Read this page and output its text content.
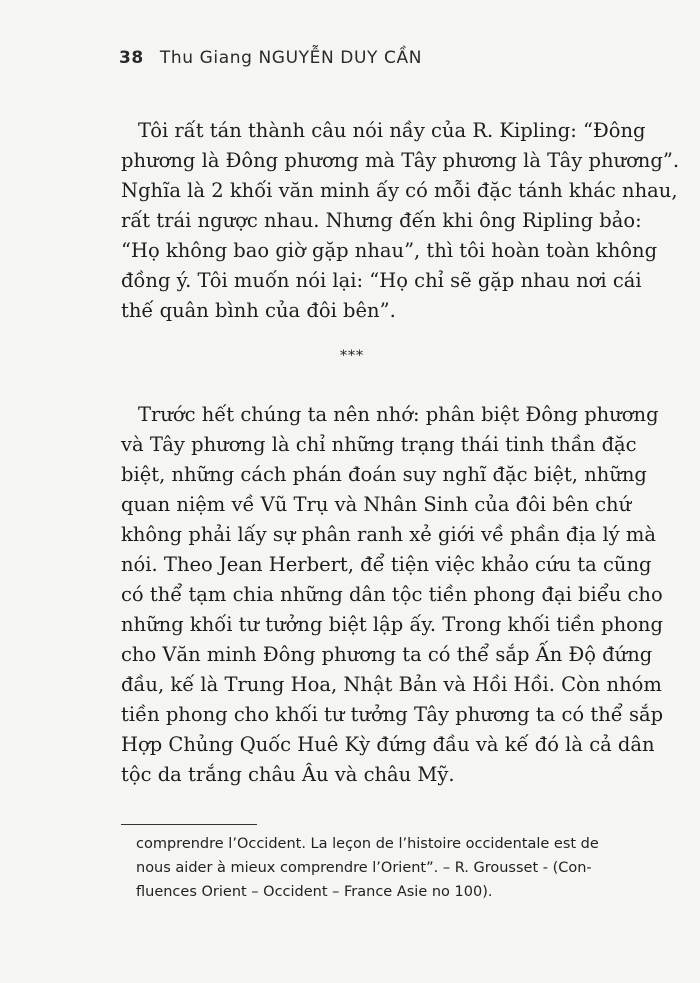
38 Thu Giang NGUYỄN DUY CẦN
Tôi rất tán thành câu nói nầy của R. Kipling: “Đông
phương là Đông phương mà Tây phương là Tây phương”.
Nghĩa là 2 khối văn minh ấy có mỗi đặc tánh khác nhau,
rất trái ngược nhau. Nhưng đến khi ông Ripling bảo:
“Họ không bao giờ gặp nhau”, thì tôi hoàn toàn không
đồng ý. Tôi muốn nói lại: “Họ chỉ sẽ gặp nhau nơi cái
thế quân bình của đôi bên”.
***
Trước hết chúng ta nên nhớ: phân biệt Đông phương
và Tây phương là chỉ những trạng thái tinh thần đặc
biệt, những cách phán đoán suy nghĩ đặc biệt, những
quan niệm về Vũ Trụ và Nhân Sinh của đôi bên chứ
không phải lấy sự phân ranh xẻ giới về phần địa lý mà
nói. Theo Jean Herbert, để tiện việc khảo cứu ta cũng
có thể tạm chia những dân tộc tiền phong đại biểu cho
những khối tư tưởng biệt lập ấy. Trong khối tiền phong
cho Văn minh Đông phương ta có thể sắp Ấn Độ đứng
đầu, kế là Trung Hoa, Nhật Bản và Hồi Hồi. Còn nhóm
tiền phong cho khối tư tưởng Tây phương ta có thể sắp
Hợp Chủng Quốc Huê Kỳ đứng đầu và kế đó là cả dân
tộc da trắng châu Âu và châu Mỹ.
comprendre l’Occident. La leçon de l’histoire occidentale est de
nous aider à mieux comprendre l’Orient”. – R. Grousset - (Con-
fluences Orient – Occident – France Asie no 100).
